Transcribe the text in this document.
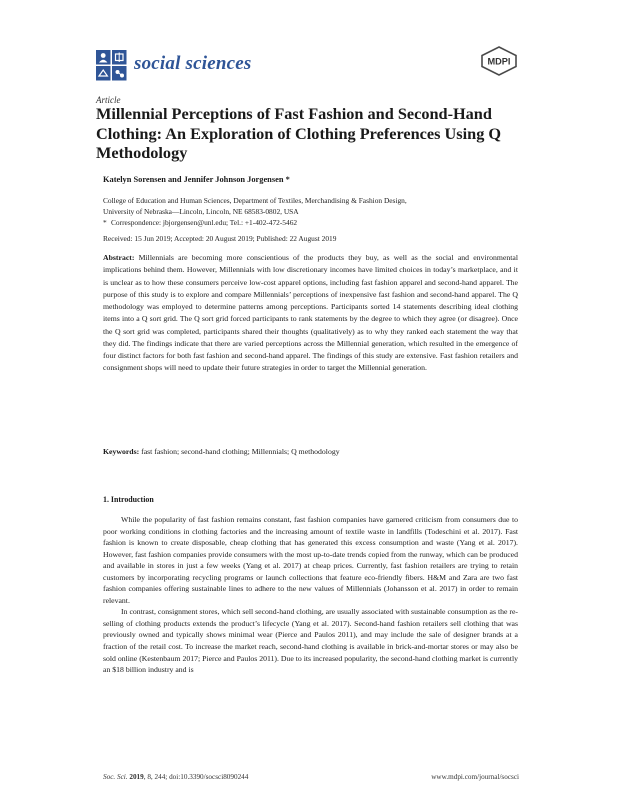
social sciences	MDPI
Article
Millennial Perceptions of Fast Fashion and Second-Hand Clothing: An Exploration of Clothing Preferences Using Q Methodology
Katelyn Sorensen and Jennifer Johnson Jorgensen *
College of Education and Human Sciences, Department of Textiles, Merchandising & Fashion Design,
University of Nebraska—Lincoln, Lincoln, NE 68583-0802, USA
* Correspondence: jbjorgensen@unl.edu; Tel.: +1-402-472-5462
Received: 15 Jun 2019; Accepted: 20 August 2019; Published: 22 August 2019
Abstract: Millennials are becoming more conscientious of the products they buy, as well as the social and environmental implications behind them. However, Millennials with low discretionary incomes have limited choices in today’s marketplace, and it is unclear as to how these consumers perceive low-cost apparel options, including fast fashion apparel and second-hand apparel. The purpose of this study is to explore and compare Millennials’ perceptions of inexpensive fast fashion and second-hand apparel. The Q methodology was employed to determine patterns among perceptions. Participants sorted 14 statements describing ideal clothing items into a Q sort grid. The Q sort grid forced participants to rank statements by the degree to which they agree (or disagree). Once the Q sort grid was completed, participants shared their thoughts (qualitatively) as to why they ranked each statement the way that they did. The findings indicate that there are varied perceptions across the Millennial generation, which resulted in the emergence of four distinct factors for both fast fashion and second-hand apparel. The findings of this study are extensive. Fast fashion retailers and consignment shops will need to update their future strategies in order to target the Millennial generation.
Keywords: fast fashion; second-hand clothing; Millennials; Q methodology
1. Introduction

While the popularity of fast fashion remains constant, fast fashion companies have garnered criticism from consumers due to poor working conditions in clothing factories and the increasing amount of textile waste in landfills (Todeschini et al. 2017). Fast fashion is known to create disposable, cheap clothing that has generated this excess consumption and waste (Yang et al. 2017). However, fast fashion companies provide consumers with the most up-to-date trends copied from the runway, which can be produced and available in stores in just a few weeks (Yang et al. 2017) at cheap prices. Currently, fast fashion retailers are trying to retain customers by incorporating recycling programs or launch collections that feature eco-friendly fibers. H&M and Zara are two fast fashion companies offering sustainable lines to adhere to the new values of Millennials (Johansson et al. 2017) in order to remain relevant.

In contrast, consignment stores, which sell second-hand clothing, are usually associated with sustainable consumption as the re-selling of clothing products extends the product’s lifecycle (Yang et al. 2017). Second-hand fashion retailers sell clothing that was previously owned and typically shows minimal wear (Pierce and Paulos 2011), and may include the sale of designer brands at a fraction of the retail cost. To increase the market reach, second-hand clothing is available in brick-and-mortar stores or may also be sold online (Kestenbaum 2017; Pierce and Paulos 2011). Due to its increased popularity, the second-hand clothing market is currently an $18 billion industry and is

Soc. Sci. 2019, 8, 244; doi:10.3390/socsci8090244	www.mdpi.com/journal/socsci
